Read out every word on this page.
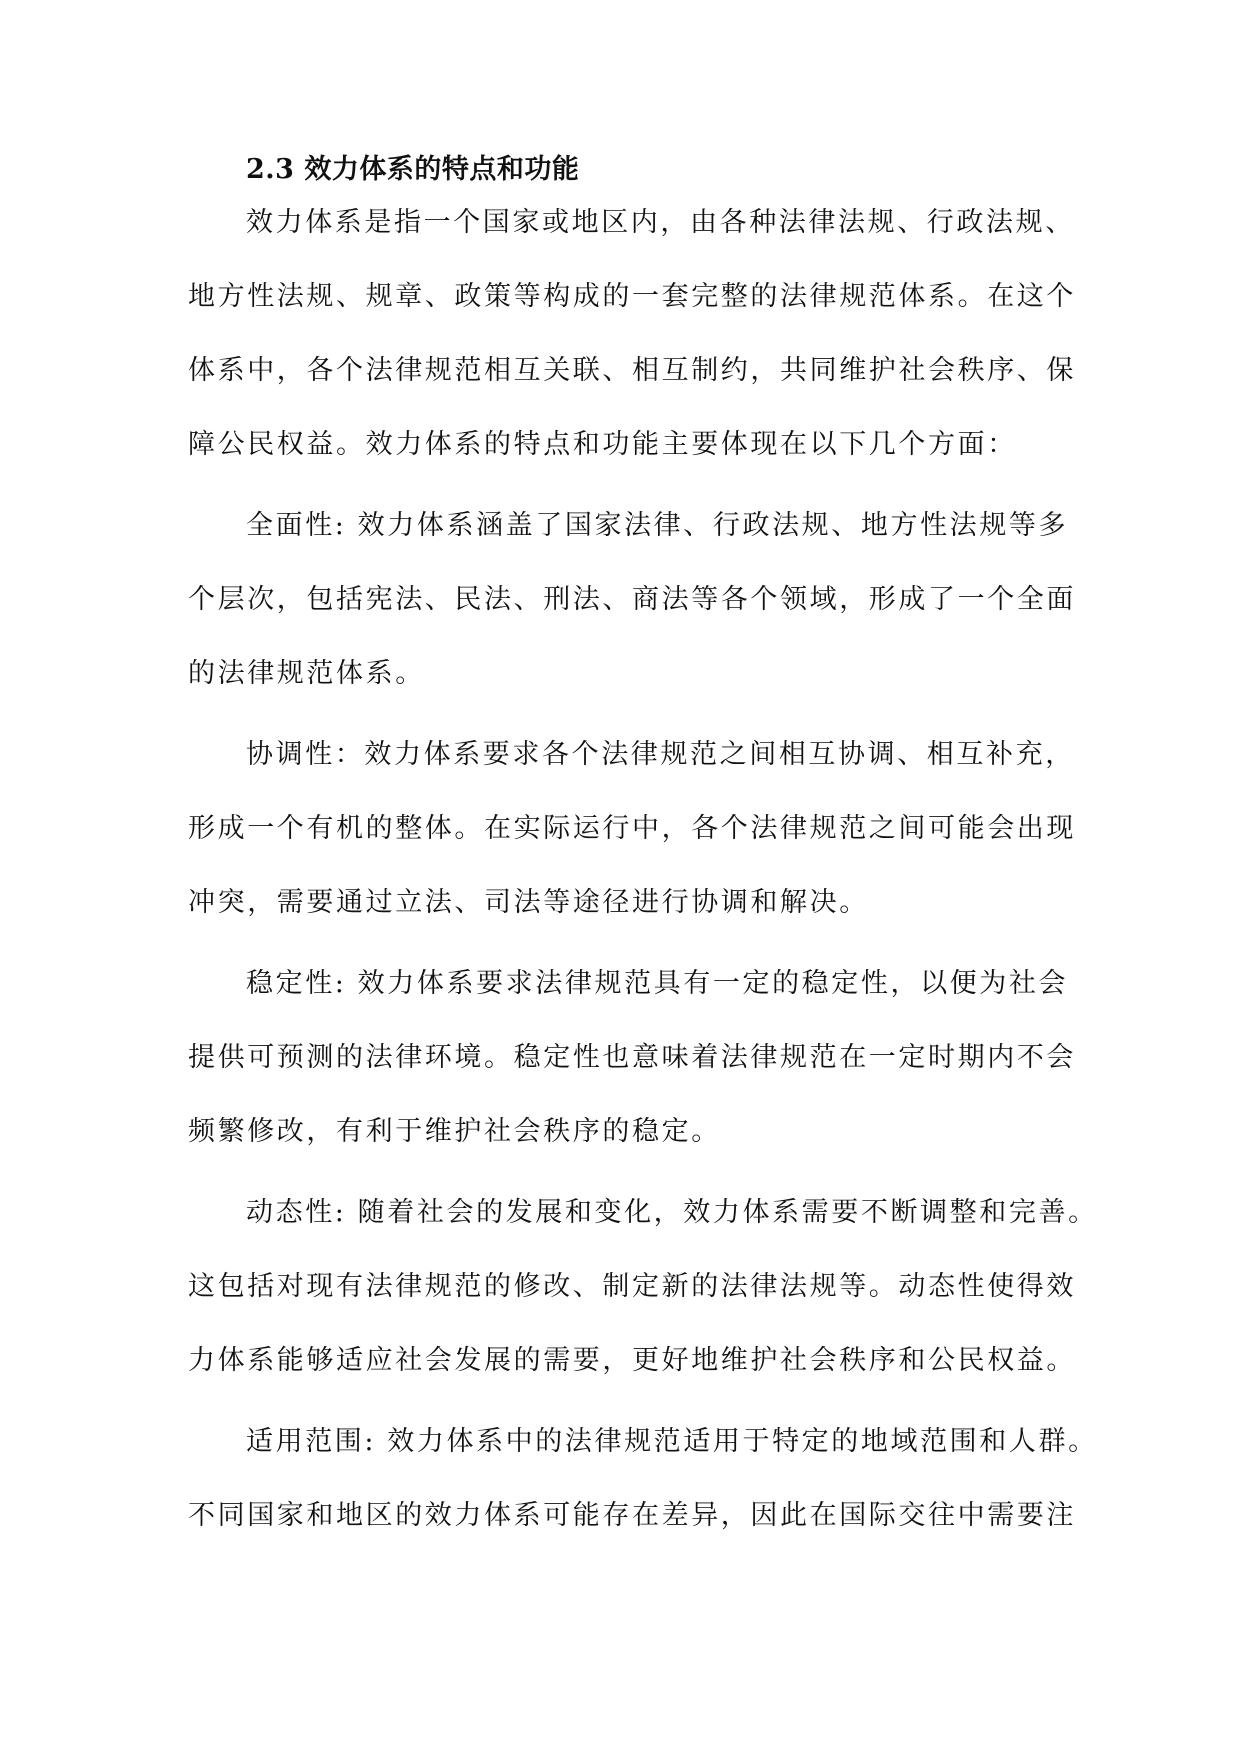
2.3 效力体系的特点和功能
效力体系是指一个国家或地区内，由各种法律法规、行政法规、
地方性法规、规章、政策等构成的一套完整的法律规范体系。在这个
体系中，各个法律规范相互关联、相互制约，共同维护社会秩序、保
障公民权益。效力体系的特点和功能主要体现在以下几个方面：
全面性: 效力体系涵盖了国家法律、行政法规、地方性法规等多
个层次，包括宪法、民法、刑法、商法等各个领域，形成了一个全面
的法律规范体系。
协调性：效力体系要求各个法律规范之间相互协调、相互补充，
形成一个有机的整体。在实际运行中，各个法律规范之间可能会出现
冲突，需要通过立法、司法等途径进行协调和解决。
稳定性: 效力体系要求法律规范具有一定的稳定性，以便为社会
提供可预测的法律环境。稳定性也意味着法律规范在一定时期内不会
频繁修改，有利于维护社会秩序的稳定。
动态性: 随着社会的发展和变化，效力体系需要不断调整和完善。
这包括对现有法律规范的修改、制定新的法律法规等。动态性使得效
力体系能够适应社会发展的需要，更好地维护社会秩序和公民权益。
适用范围: 效力体系中的法律规范适用于特定的地域范围和人群。
不同国家和地区的效力体系可能存在差异，因此在国际交往中需要注
